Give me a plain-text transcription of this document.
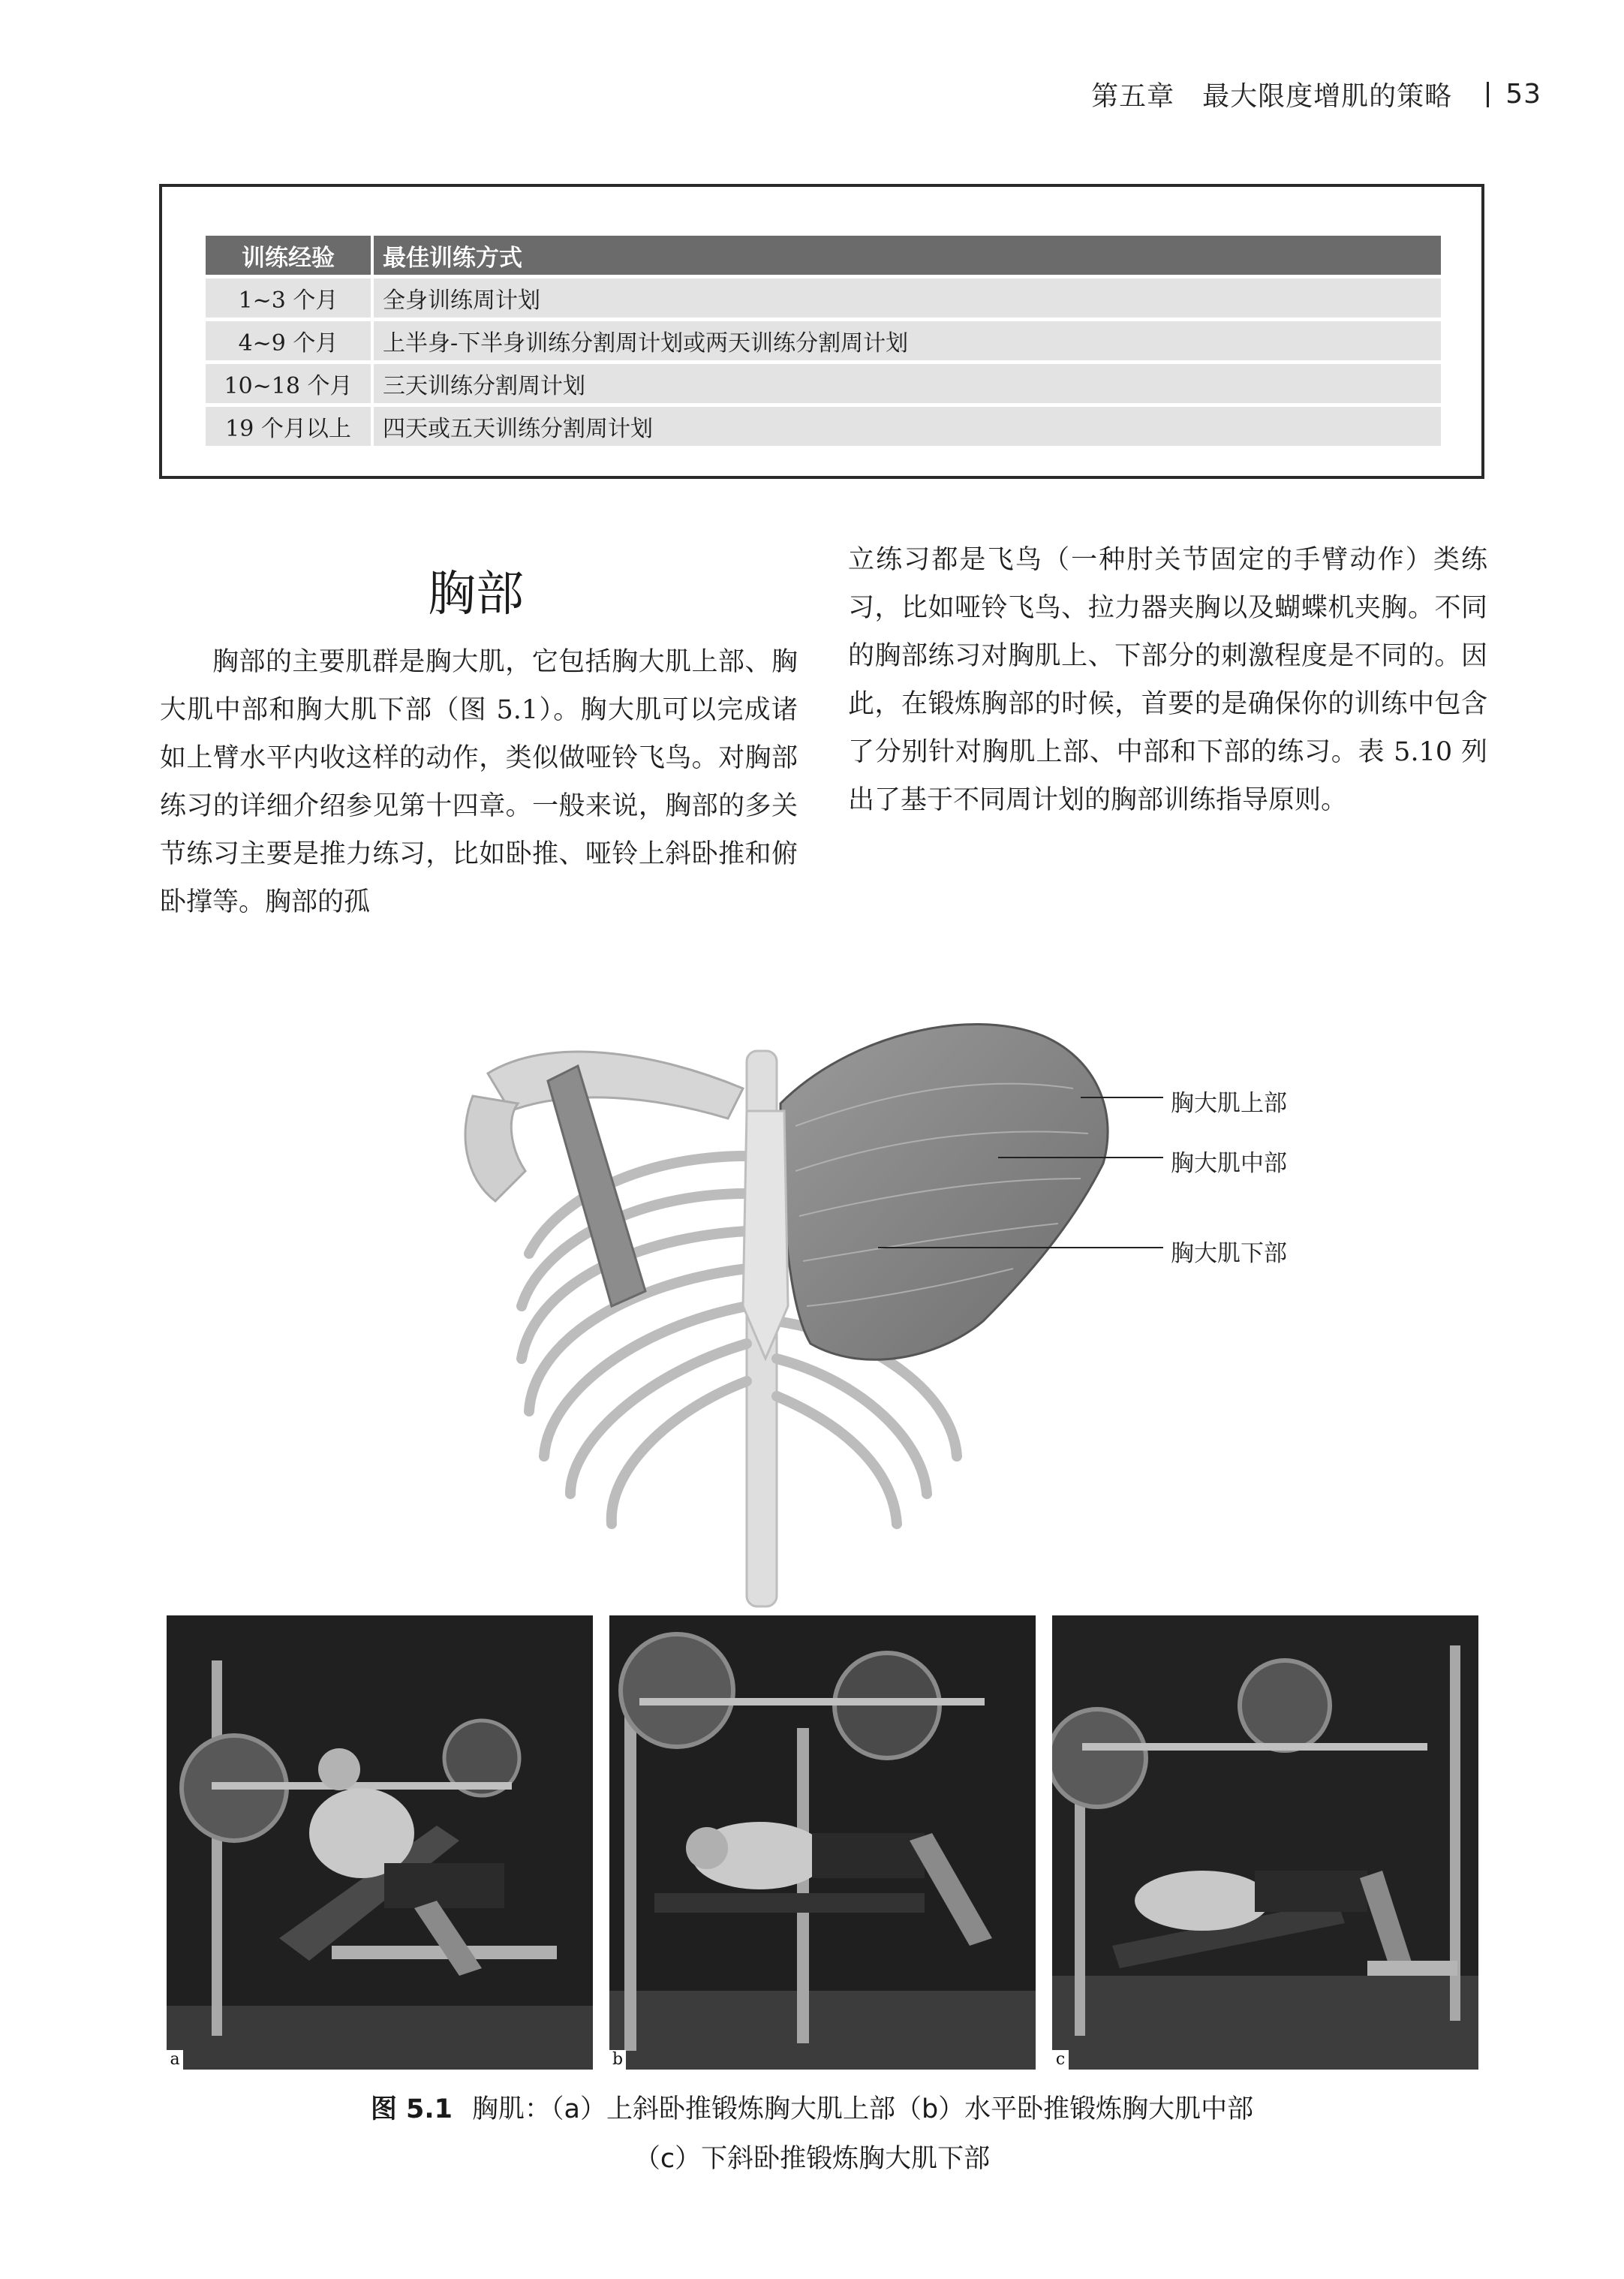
第五章　最大限度增肌的策略 53
训练经验	最佳训练方式
1~3 个月	全身训练周计划
4~9 个月	上半身-下半身训练分割周计划或两天训练分割周计划
10~18 个月	三天训练分割周计划
19 个月以上	四天或五天训练分割周计划
胸部

胸部的主要肌群是胸大肌，它包括胸大肌上部、胸大肌中部和胸大肌下部（图 5.1）。胸大肌可以完成诸如上臂水平内收这样的动作，类似做哑铃飞鸟。对胸部练习的详细介绍参见第十四章。一般来说，胸部的多关节练习主要是推力练习，比如卧推、哑铃上斜卧推和俯卧撑等。胸部的孤

立练习都是飞鸟（一种肘关节固定的手臂动作）类练习，比如哑铃飞鸟、拉力器夹胸以及蝴蝶机夹胸。不同的胸部练习对胸肌上、下部分的刺激程度是不同的。因此，在锻炼胸部的时候，首要的是确保你的训练中包含了分别针对胸肌上部、中部和下部的练习。表 5.10 列出了基于不同周计划的胸部训练指导原则。

胸大肌上部
胸大肌中部
胸大肌下部
a	b	c
图 5.1 胸肌：（a）上斜卧推锻炼胸大肌上部（b）水平卧推锻炼胸大肌中部
（c）下斜卧推锻炼胸大肌下部
